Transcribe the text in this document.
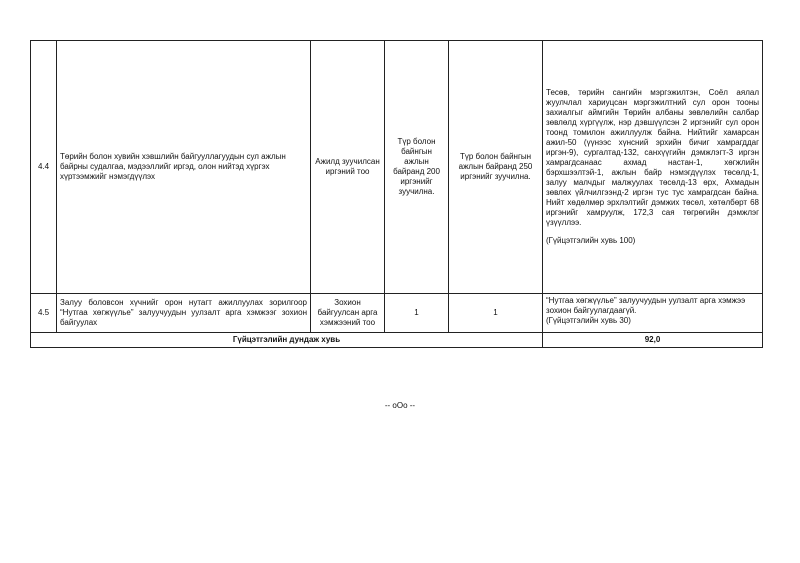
4.4	Төрийн болон хувийн хэвшлийн байгууллагуудын сул ажлын байрны судалгаа, мэдээллийг иргэд, олон нийтэд хүргэх хүртээмжийг нэмэгдүүлэх	Ажилд зуучилсан иргэний тоо	Түр болон байнгын ажлын байранд 200 иргэнийг зуучилна.	Түр болон байнгын ажлын байранд 250 иргэнийг зуучилна.	Тесөв, төрийн сангийн мэргэжилтэн, Соёл аялал жуулчлал хариуцсан мэргэжилтний сул орон тооны захиалгыг аймгийн Төрийн албаны зөвлөлийн салбар зөвлөлд хүргүүлж, нэр дэвшүүлсэн 2 иргэнийг сул орон тоонд томилон ажиллуулж байна. Нийтийг хамарсан ажил-50 (үүнээс хүнсний эрхийн бичиг хамрагддаг иргэн-9), сургалтад-132, санхүүгийн дэмжлэгт-3 иргэн хамрагдсанаас ахмад настан-1, хөгжлийн бэрхшээлтэй-1, ажлын байр нэмэгдүүлэх төсөлд-1, залуу малчдыг малжуулах төсөлд-13 өрх, Ахмадын зөвлөх үйлчилгээнд-2 иргэн тус тус хамрагдсан байна. Нийт хөдөлмөр эрхлэлтийг дэмжих төсөл, хөтөлбөрт 68 иргэнийг хамруулж, 172,3 сая төгрөгийн дэмжлэг үзүүллээ.
(Гүйцэтгэлийн хувь 100)

4.5	Залуу боловсон хүчнийг орон нутагт ажиллуулах зорилгоор “Нутгаа хөгжүүлье” залуучуудын уулзалт арга хэмжээг зохион байгуулах	Зохион байгуулсан арга хэмжээний тоо	1	1	“Нутгаа хөгжүүлье” залуучуудын уулзалт арга хэмжээ зохион байгуулагдаагүй.
(Гүйцэтгэлийн хувь 30)
Гүйцэтгэлийн дундаж хувь					92,0
-- оОо --
